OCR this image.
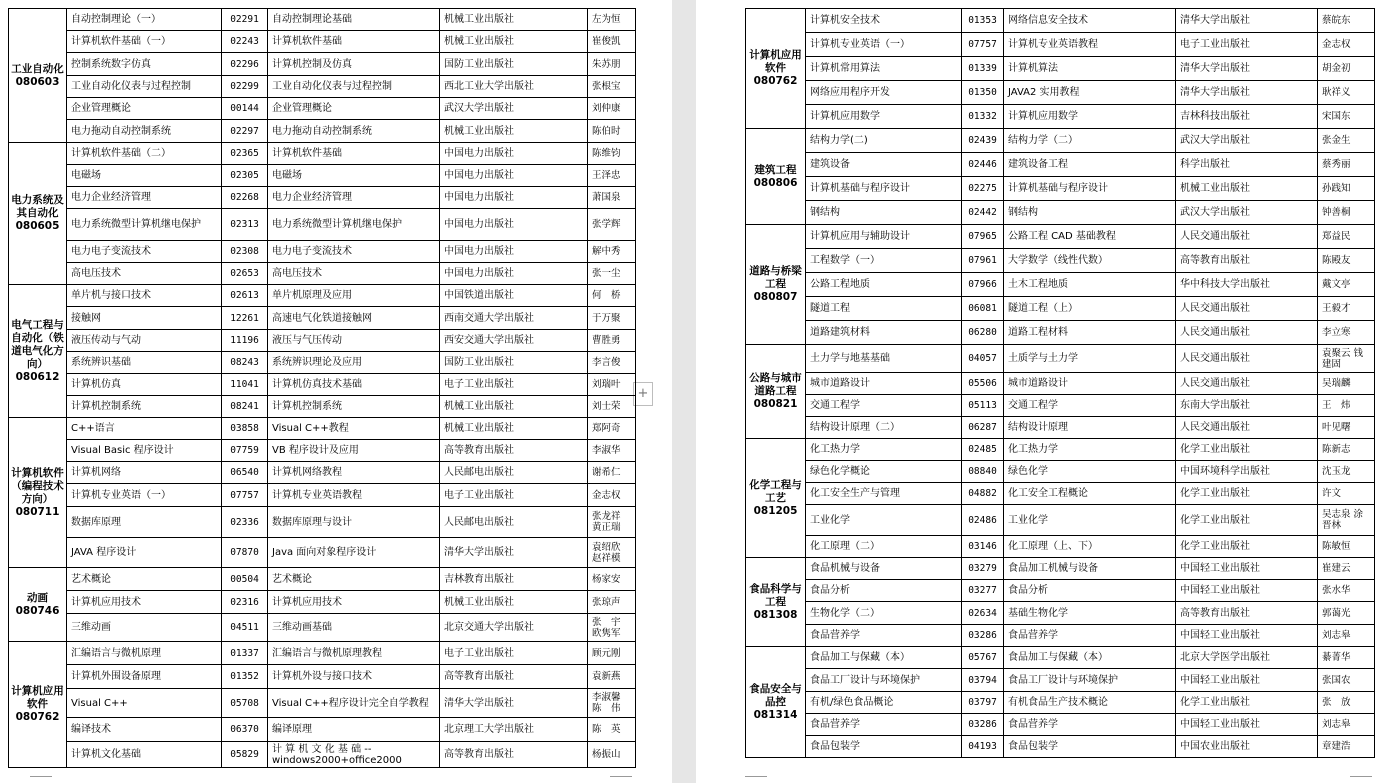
+
工业自动化 080603	自动控制理论（一）	02291	自动控制理论基础	机械工业出版社	左为恒
	计算机软件基础（一）	02243	计算机软件基础	机械工业出版社	崔俊凯
	控制系统数字仿真	02296	计算机控制及仿真	国防工业出版社	朱苏朋
	工业自动化仪表与过程控制	02299	工业自动化仪表与过程控制	西北工业大学出版社	张根宝
	企业管理概论	00144	企业管理概论	武汉大学出版社	刘仲康
	电力拖动自动控制系统	02297	电力拖动自动控制系统	机械工业出版社	陈伯时
电力系统及其自动化 080605	计算机软件基础（二）	02365	计算机软件基础	中国电力出版社	陈维钧
	电磁场	02305	电磁场	中国电力出版社	王泽忠
	电力企业经济管理	02268	电力企业经济管理	中国电力出版社	萧国泉
	电力系统微型计算机继电保护	02313	电力系统微型计算机继电保护	中国电力出版社	张学辉
	电力电子变流技术	02308	电力电子变流技术	中国电力出版社	解中秀
	高电压技术	02653	高电压技术	中国电力出版社	张一尘
电气工程与自动化（铁道电气化方向） 080612	单片机与接口技术	02613	单片机原理及应用	中国铁道出版社	何　桥
	接触网	12261	高速电气化铁道接触网	西南交通大学出版社	于万聚
	液压传动与气动	11196	液压与气压传动	西安交通大学出版社	曹胜勇
	系统辨识基础	08243	系统辨识理论及应用	国防工业出版社	李言俊
	计算机仿真	11041	计算机仿真技术基础	电子工业出版社	刘瑞叶
	计算机控制系统	08241	计算机控制系统	机械工业出版社	刘士荣
计算机软件（编程技术方向） 080711	C++语言	03858	Visual C++教程	机械工业出版社	郑阿奇
	Visual Basic 程序设计	07759	VB 程序设计及应用	高等教育出版社	李淑华
	计算机网络	06540	计算机网络教程	人民邮电出版社	谢希仁
	计算机专业英语（一）	07757	计算机专业英语教程	电子工业出版社	金志权
	数据库原理	02336	数据库原理与设计	人民邮电出版社	张龙祥 黄正瑞
	JAVA 程序设计	07870	Java 面向对象程序设计	清华大学出版社	袁绍欣 赵祥模
动画 080746	艺术概论	00504	艺术概论	吉林教育出版社	杨家安
	计算机应用技术	02316	计算机应用技术	机械工业出版社	张琼声
	三维动画	04511	三维动画基础	北京交通大学出版社	张　宇 欧隽军
计算机应用软件 080762	汇编语言与微机原理	01337	汇编语言与微机原理教程	电子工业出版社	顾元刚
	计算机外围设备原理	01352	计算机外设与接口技术	高等教育出版社	袁新燕
	Visual C++	05708	Visual C++程序设计完全自学教程	清华大学出版社	李淑馨 陈　伟
	编译技术	06370	编译原理	北京理工大学出版社	陈　英
	计算机文化基础	05829	计 算 机 文 化 基 础 --windows2000+office2000	高等教育出版社	杨振山
计算机应用软件 080762	计算机安全技术	01353	网络信息安全技术	清华大学出版社	蔡皖东
	计算机专业英语（一）	07757	计算机专业英语教程	电子工业出版社	金志权
	计算机常用算法	01339	计算机算法	清华大学出版社	胡金初
	网络应用程序开发	01350	JAVA2 实用教程	清华大学出版社	耿祥义
	计算机应用数学	01332	计算机应用数学	吉林科技出版社	宋国东
建筑工程 080806	结构力学(二)	02439	结构力学（二）	武汉大学出版社	张金生
	建筑设备	02446	建筑设备工程	科学出版社	蔡秀丽
	计算机基础与程序设计	02275	计算机基础与程序设计	机械工业出版社	孙践知
	钢结构	02442	钢结构	武汉大学出版社	钟善桐
道路与桥梁工程 080807	计算机应用与辅助设计	07965	公路工程 CAD 基础教程	人民交通出版社	郑益民
	工程数学（一）	07961	大学数学（线性代数）	高等教育出版社	陈殿友
	公路工程地质	07966	土木工程地质	华中科技大学出版社	戴文亭
	隧道工程	06081	隧道工程（上）	人民交通出版社	王毅才
	道路建筑材料	06280	道路工程材料	人民交通出版社	李立寒
公路与城市道路工程 080821	土力学与地基基础	04057	土质学与土力学	人民交通出版社	袁聚云 钱建固
	城市道路设计	05506	城市道路设计	人民交通出版社	吴瑞麟
	交通工程学	05113	交通工程学	东南大学出版社	王　炜
	结构设计原理（二）	06287	结构设计原理	人民交通出版社	叶见曙
化学工程与工艺 081205	化工热力学	02485	化工热力学	化学工业出版社	陈新志
	绿色化学概论	08840	绿色化学	中国环境科学出版社	沈玉龙
	化工安全生产与管理	04882	化工安全工程概论	化学工业出版社	许文
	工业化学	02486	工业化学	化学工业出版社	吴志泉 涂晋林
	化工原理（二）	03146	化工原理（上、下）	化学工业出版社	陈敏恒
食品科学与工程 081308	食品机械与设备	03279	食品加工机械与设备	中国轻工业出版社	崔建云
	食品分析	03277	食品分析	中国轻工业出版社	张水华
	生物化学（二）	02634	基础生物化学	高等教育出版社	郭蔼光
	食品营养学	03286	食品营养学	中国轻工业出版社	刘志皋
食品安全与品控 081314	食品加工与保藏（本）	05767	食品加工与保藏（本）	北京大学医学出版社	綦菁华
	食品工厂设计与环境保护	03794	食品工厂设计与环境保护	中国轻工业出版社	张国农
	有机/绿色食品概论	03797	有机食品生产技术概论	化学工业出版社	张　放
	食品营养学	03286	食品营养学	中国轻工业出版社	刘志皋
	食品包装学	04193	食品包装学	中国农业出版社	章建浩
